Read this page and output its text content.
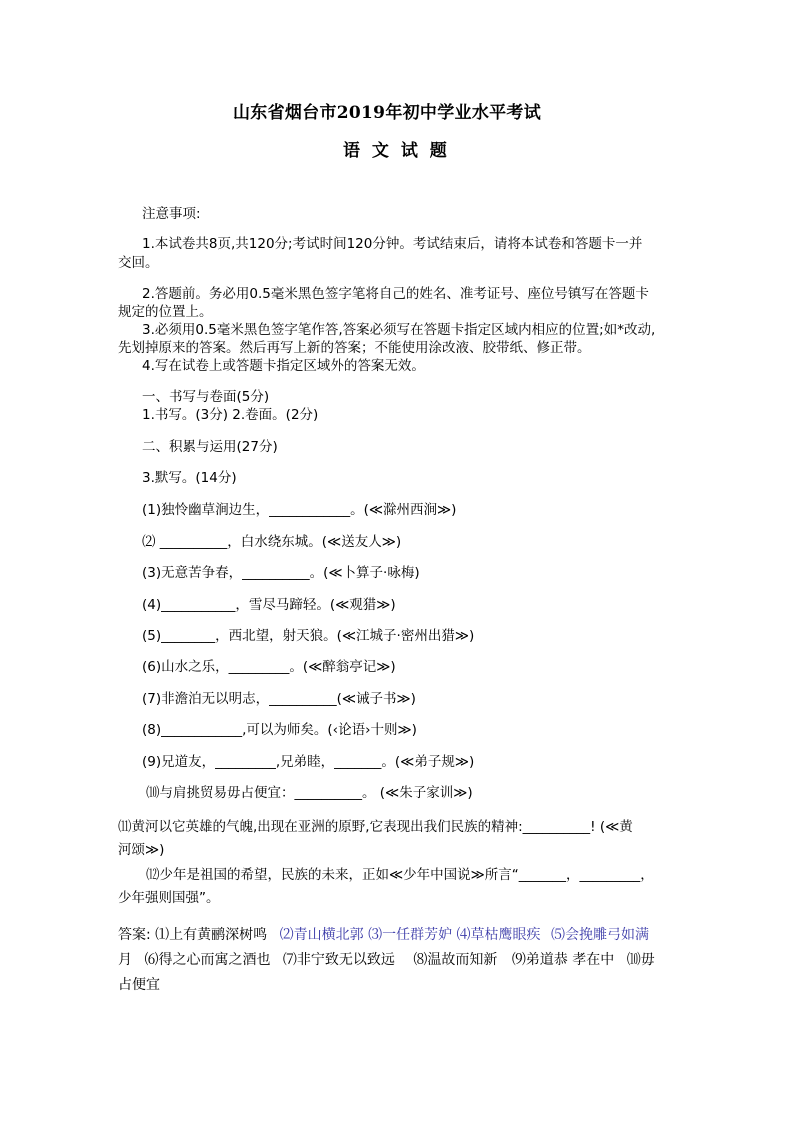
山东省烟台市2019年初中学业水平考试
语 文 试 题
注意事项:
1.本试卷共8页,共120分;考试时间120分钟。考试结束后，请将本试卷和答题卡一并
交回。
2.答题前。务必用0.5毫米黑色签字笔将自己的姓名、准考证号、座位号镇写在答题卡
规定的位置上。
3.必须用0.5毫米黑色签字笔作答,答案必须写在答题卡指定区域内相应的位置;如*改动,
先划掉原来的答案。然后再写上新的答案；不能使用涂改液、胶带纸、修正带。
4.写在试卷上或答题卡指定区域外的答案无效。
一、书写与卷面(5分)
1.书写。(3分) 2.卷面。(2分)
二、积累与运用(27分)
3.默写。(14分)
(1)独怜幽草涧边生，____________。(≪滁州西涧≫)
⑵ __________，白水绕东城。(≪送友人≫)
(3)无意苦争春，__________。(≪卜算子·咏梅)
(4)___________，雪尽马蹄轻。(≪观猎≫)
(5)________，西北望，射天狼。(≪江城子·密州出猎≫)
(6)山水之乐，_________。(≪醉翁亭记≫)
(7)非澹泊无以明志，__________(≪诫子书≫)
(8)____________,可以为师矣。(‹论语›十则≫)
(9)兄道友，_________,兄弟睦，_______。(≪弟子规≫)
⑽与肩挑贸易毋占便宜：__________。 (≪朱子家训≫)
⑾黄河以它英雄的气魄,出现在亚洲的原野,它表现出我们民族的精神:__________! (≪黄
河颂≫)
⑿少年是祖国的希望，民族的未来，正如≪少年中国说≫所言“_______，_________，
少年强则国强”。
答案: ⑴上有黄鹂深树鸣 ⑵青山横北郭 ⑶一任群芳妒 ⑷草枯鹰眼疾 ⑸会挽雕弓如满
月 ⑹得之心而寓之酒也 ⑺非宁致无以致远 ⑻温故而知新 ⑼弟道恭 孝在中 ⑽毋
占便宜
